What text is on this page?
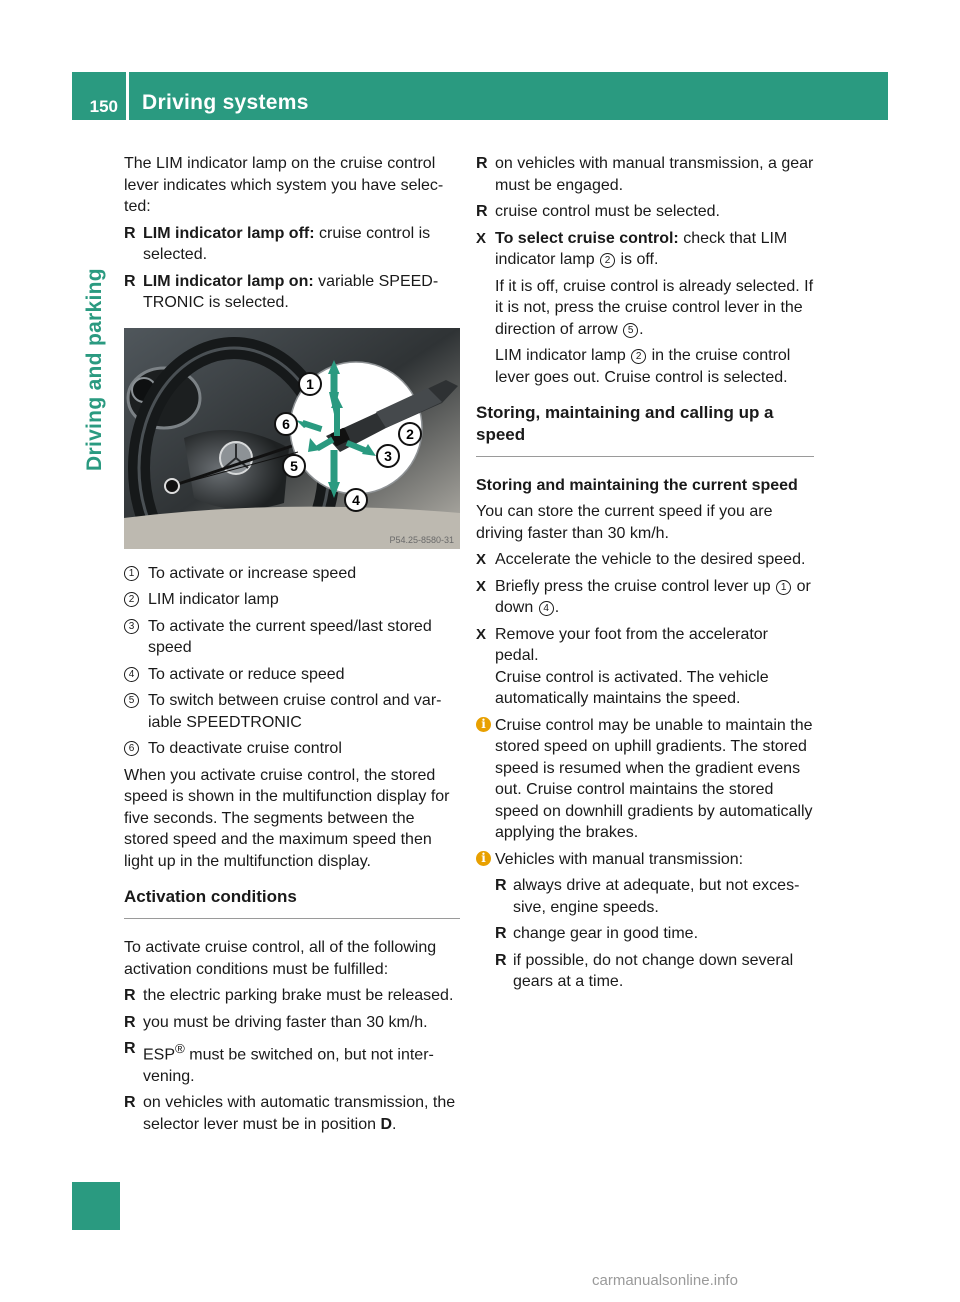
150	Driving systems
Driving and parking

The LIM indicator lamp on the cruise control lever indicates which system you have selected:

R LIM indicator lamp off: cruise control is selected.
R LIM indicator lamp on: variable SPEEDTRONIC is selected.
1
2
3
4
5
6
P54.25-8580-31
1 To activate or increase speed
2 LIM indicator lamp
3 To activate the current speed/last stored speed
4 To activate or reduce speed
5 To switch between cruise control and variable SPEEDTRONIC
6 To deactivate cruise control

When you activate cruise control, the stored speed is shown in the multifunction display for five seconds. The segments between the stored speed and the maximum speed then light up in the multifunction display.

Activation conditions

To activate cruise control, all of the following activation conditions must be fulfilled:

R the electric parking brake must be released.
R you must be driving faster than 30 km/h.
R ESP® must be switched on, but not intervening.
R on vehicles with automatic transmission, the selector lever must be in position D.
R on vehicles with manual transmission, a gear must be engaged.
R cruise control must be selected.
X To select cruise control: check that LIM indicator lamp 2 is off.

If it is off, cruise control is already selected. If it is not, press the cruise control lever in the direction of arrow 5 .

LIM indicator lamp 2 in the cruise control lever goes out. Cruise control is selected.

Storing, maintaining and calling up a speed
Storing and maintaining the current speed

You can store the current speed if you are driving faster than 30 km/h.

X Accelerate the vehicle to the desired speed.
X Briefly press the cruise control lever up 1 or down 4 .
X Remove your foot from the accelerator pedal.

Cruise control is activated. The vehicle automatically maintains the speed.

i Cruise control may be unable to maintain the stored speed on uphill gradients. The stored speed is resumed when the gradient evens out. Cruise control maintains the stored speed on downhill gradients by automatically applying the brakes.
i Vehicles with manual transmission:
R always drive at adequate, but not excessive, engine speeds.
R change gear in good time.
R if possible, do not change down several gears at a time.
carmanualsonline.info
